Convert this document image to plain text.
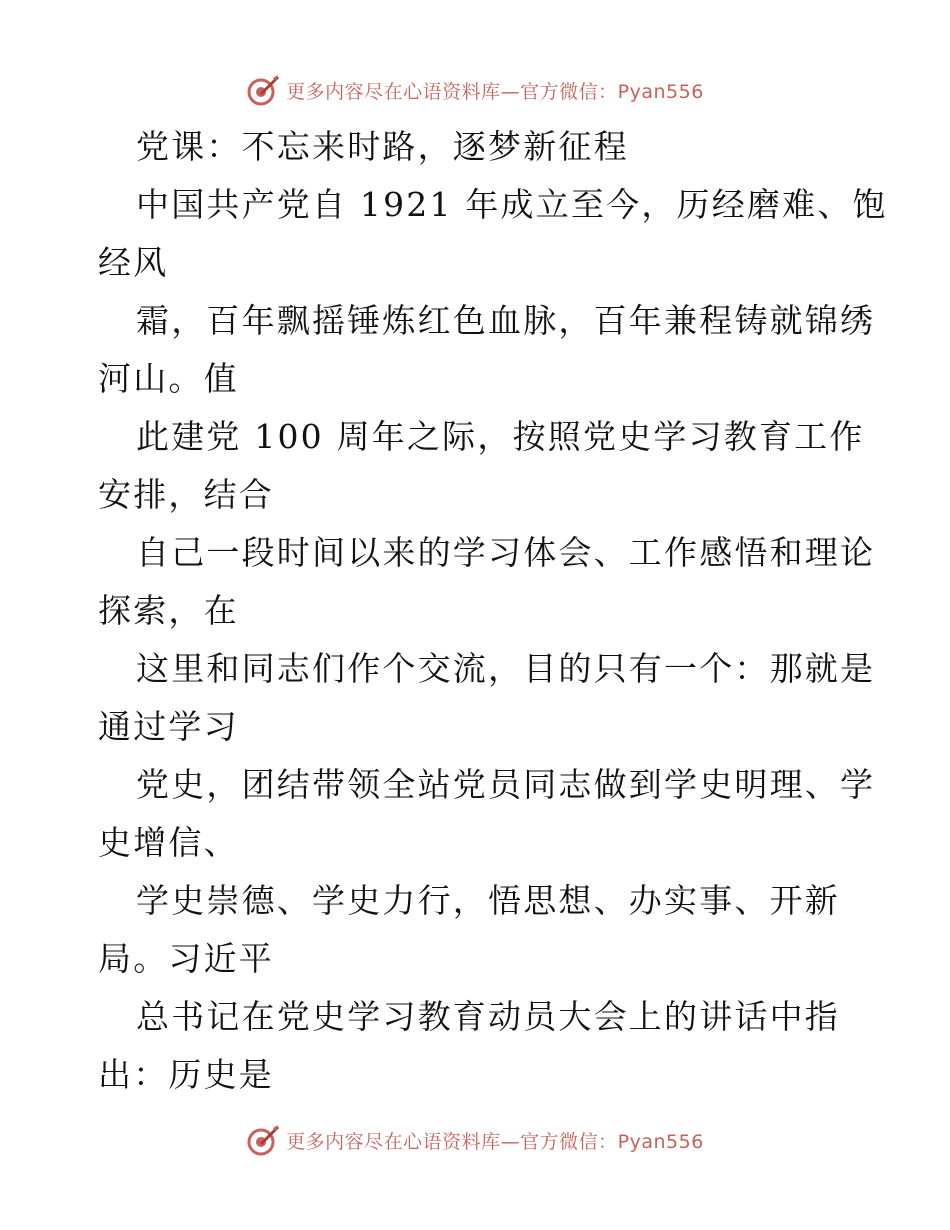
更多内容尽在心语资料库—官方微信：Pyan556
党课：不忘来时路，逐梦新征程
中国共产党自 1921 年成立至今，历经磨难、饱
经风
霜，百年飘摇锤炼红色血脉，百年兼程铸就锦绣
河山。值
此建党 100 周年之际，按照党史学习教育工作
安排，结合
自己一段时间以来的学习体会、工作感悟和理论
探索，在
这里和同志们作个交流，目的只有一个：那就是
通过学习
党史，团结带领全站党员同志做到学史明理、学
史增信、
学史崇德、学史力行，悟思想、办实事、开新
局。习近平
总书记在党史学习教育动员大会上的讲话中指
出：历史是
更多内容尽在心语资料库—官方微信：Pyan556
